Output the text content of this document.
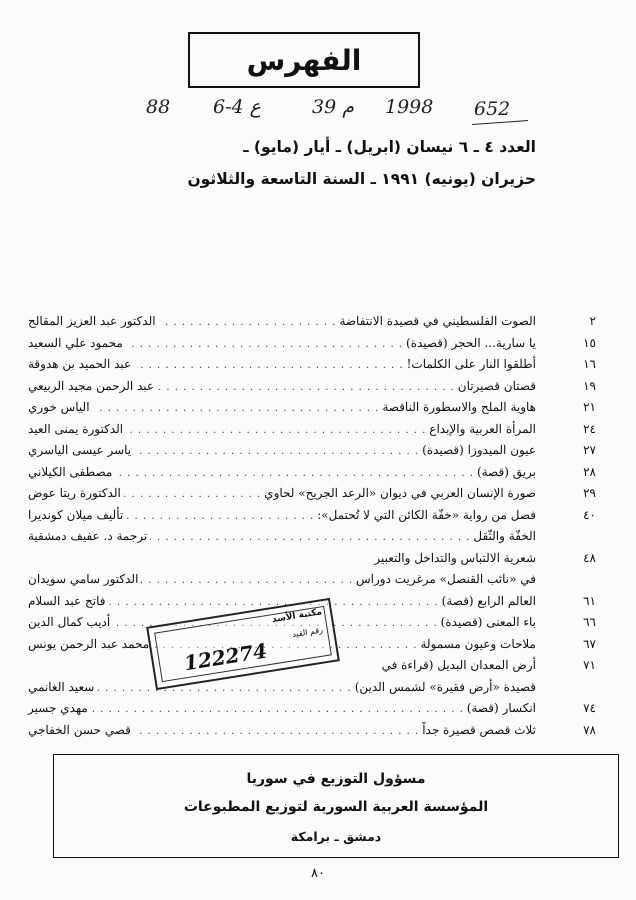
الفهرس
88 6-4 ع	39 م 1998 652
العدد ٤ ـ ٦ نيسان (ابريل) ـ أيار (مايو) ـ
حزيران (يونيه) ١٩٩١ ـ السنة التاسعة والثلاثون
٢
الصوت الفلسطيني في قصيدة الانتفاضة
. . .
الدكتور عبد العزيز المقالح
١٥
يا سارية... الحجر (قصيدة)
. . .
محمود علي السعيد
١٦
أطلقوا النار على الكلمات!
. . .
عبد الحميد بن هدوقة
١٩
قصتان قصيرتان
. . .
عبد الرحمن مجيد الربيعي
٢١
هاوية الملح والاسطورة الناقصة
. . .
الياس خوري
٢٤
المرأة العربية والإبداع
. . .
الدكتورة يمنى العيد
٢٧
عيون الميدوزا (قصيدة)
. . .
ياسر عيسى الياسري
٢٨
بريق (قصة)
. . .
مصطفى الكيلاني
٢٩
صورة الإنسان العربي في ديوان «الرعد الجريح» لحاوي
. . .
الدكتورة ريتا عوض
٤٠
فصل من رواية «خفّة الكائن التي لا تُحتمل»:
. . .
تأليف ميلان كونديرا
الخفّة والثّقل
. . .
ترجمة د. عفيف دمشقية
٤٨
شعرية الالتباس والتداخل والتعبير
في «نائب القنصل» مرغريت دوراس
. . .
الدكتور سامي سويدان
٦١
العالم الرابع (قصة)
. . .
فاتح عبد السلام
٦٦
باء المعنى (قصيدة)
. . .
أديب كمال الدين
٦٧
ملاحات وعيون مسمولة
. . .
محمد عبد الرحمن يونس
٧١
أرض المعدان البديل (قراءة في
قصيدة «أرض فقيرة» لشمس الدين)
. . .
سعيد الغانمي
٧٤
انكسار (قصة)
. . .
مهدي جسير
٧٨
ثلاث قصص قصيرة جداً
. . .
قصي حسن الخفاجي
مكتبة الأسد
رقم القيد
122274
مسؤول التوزيع في سوريا
المؤسسة العربية السورية لتوزيع المطبوعات
دمشق ـ برامكة
٨٠
